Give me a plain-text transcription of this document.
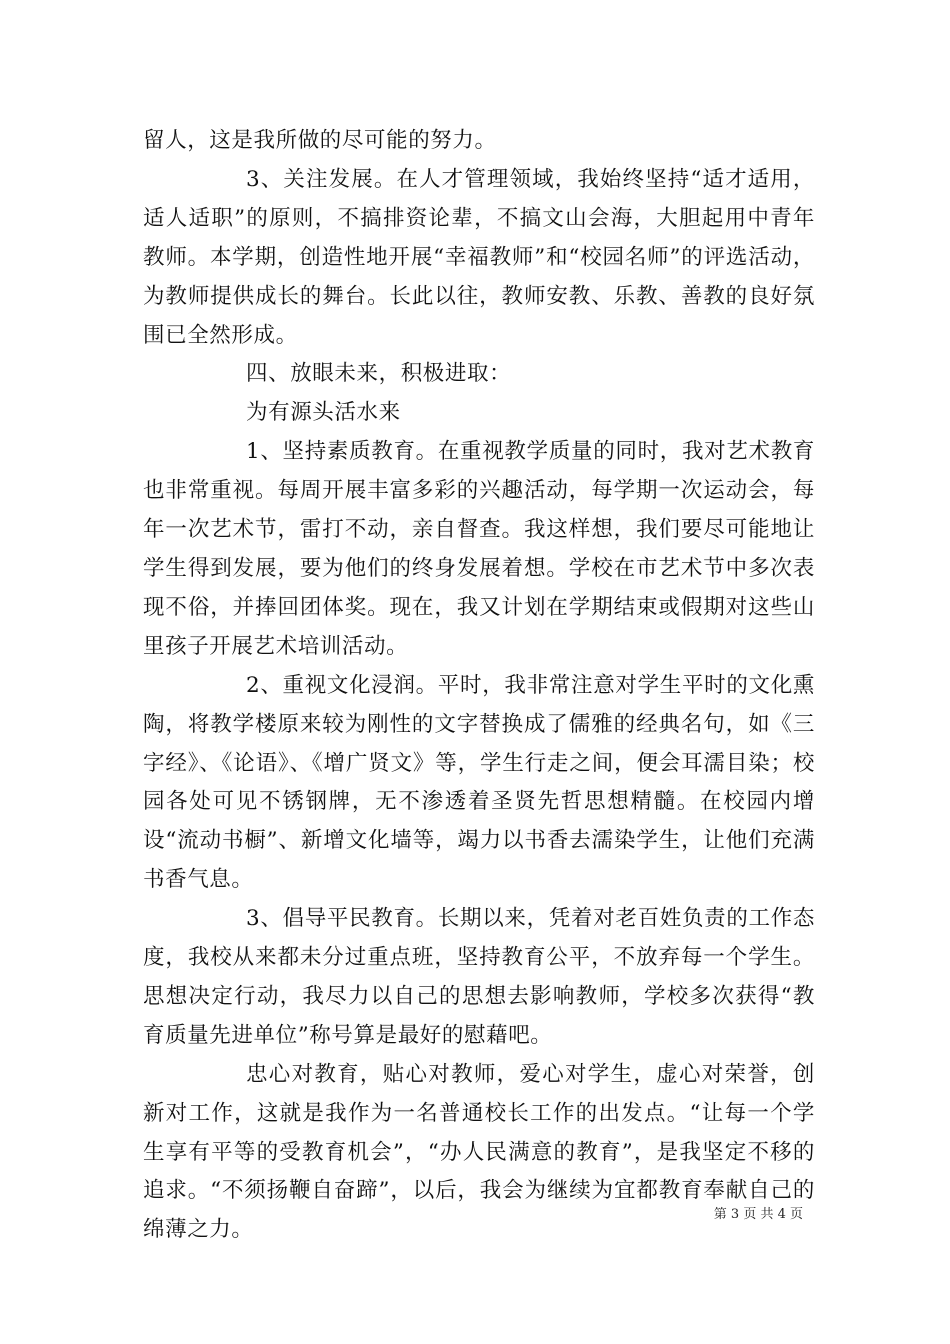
留人，这是我所做的尽可能的努力。

3、关注发展。在人才管理领域，我始终坚持“适才适用，适人适职”的原则，不搞排资论辈，不搞文山会海，大胆起用中青年教师。本学期，创造性地开展“幸福教师”和“校园名师”的评选活动，为教师提供成长的舞台。长此以往，教师安教、乐教、善教的良好氛围已全然形成。

四、放眼未来，积极进取：

为有源头活水来

1、坚持素质教育。在重视教学质量的同时，我对艺术教育也非常重视。每周开展丰富多彩的兴趣活动，每学期一次运动会，每年一次艺术节，雷打不动，亲自督查。我这样想，我们要尽可能地让学生得到发展，要为他们的终身发展着想。学校在市艺术节中多次表现不俗，并捧回团体奖。现在，我又计划在学期结束或假期对这些山里孩子开展艺术培训活动。

2、重视文化浸润。平时，我非常注意对学生平时的文化熏陶，将教学楼原来较为刚性的文字替换成了儒雅的经典名句，如《三字经》、《论语》、《增广贤文》等，学生行走之间，便会耳濡目染；校园各处可见不锈钢牌，无不渗透着圣贤先哲思想精髓。在校园内增设“流动书橱”、新增文化墙等，竭力以书香去濡染学生，让他们充满书香气息。

3、倡导平民教育。长期以来，凭着对老百姓负责的工作态度，我校从来都未分过重点班，坚持教育公平，不放弃每一个学生。思想决定行动，我尽力以自己的思想去影响教师，学校多次获得“教育质量先进单位”称号算是最好的慰藉吧。

忠心对教育，贴心对教师，爱心对学生，虚心对荣誉，创新对工作，这就是我作为一名普通校长工作的出发点。“让每一个学生享有平等的受教育机会”，“办人民满意的教育”，是我坚定不移的追求。“不须扬鞭自奋蹄”，以后，我会为继续为宜都教育奉献自己的绵薄之力。

第 3 页 共 4 页
